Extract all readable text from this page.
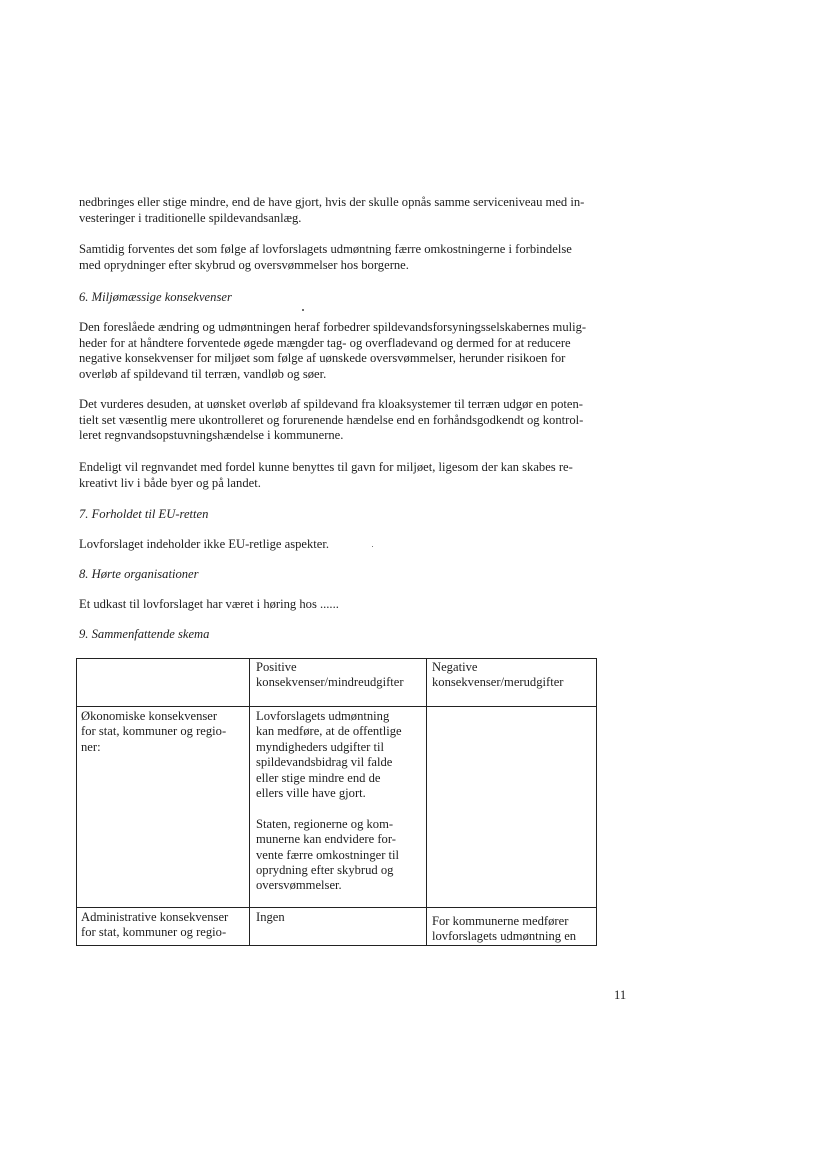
nedbringes eller stige mindre, end de have gjort, hvis der skulle opnås samme serviceniveau med in-
vesteringer i traditionelle spildevandsanlæg.

Samtidig forventes det som følge af lovforslagets udmøntning færre omkostningerne i forbindelse
med oprydninger efter skybrud og oversvømmelser hos borgerne.

6. Miljømæssige konsekvenser

Den foreslåede ændring og udmøntningen heraf forbedrer spildevandsforsyningsselskabernes mulig-
heder for at håndtere forventede øgede mængder tag- og overfladevand og dermed for at reducere
negative konsekvenser for miljøet som følge af uønskede oversvømmelser, herunder risikoen for
overløb af spildevand til terræn, vandløb og søer.

Det vurderes desuden, at uønsket overløb af spildevand fra kloaksystemer til terræn udgør en poten-
tielt set væsentlig mere ukontrolleret og forurenende hændelse end en forhåndsgodkendt og kontrol-
leret regnvandsopstuvningshændelse i kommunerne.

Endeligt vil regnvandet med fordel kunne benyttes til gavn for miljøet, ligesom der kan skabes re-
kreativt liv i både byer og på landet.

7. Forholdet til EU-retten

Lovforslaget indeholder ikke EU-retlige aspekter.

8. Hørte organisationer

Et udkast til lovforslaget har været i høring hos ......

9. Sammenfattende skema

Positive
konsekvenser/mindreudgifter
Negative
konsekvenser/merudgifter
Økonomiske konsekvenser
for stat, kommuner og regio-
ner:
Lovforslagets udmøntning
kan medføre, at de offentlige
myndigheders udgifter til
spildevandsbidrag vil falde
eller stige mindre end de
ellers ville have gjort.
Staten, regionerne og kom-
munerne kan endvidere for-
vente færre omkostninger til
oprydning efter skybrud og
oversvømmelser.
Administrative konsekvenser
for stat, kommuner og regio-
Ingen	For kommunerne medfører
lovforslagets udmøntning en
11
